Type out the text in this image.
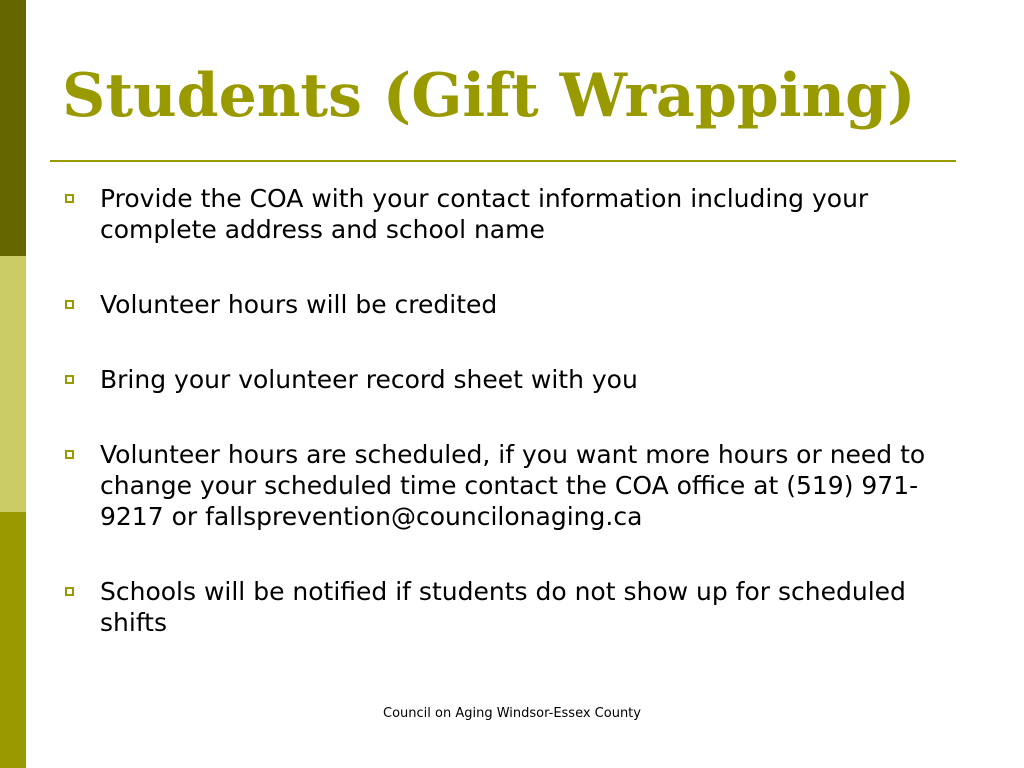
Students (Gift Wrapping)
Provide the COA with your contact information including your complete address and school name
Volunteer hours will be credited
Bring your volunteer record sheet with you
Volunteer hours are scheduled, if you want more hours or need to change your scheduled time contact the COA office at (519) 971-9217 or fallsprevention@councilonaging.ca
Schools will be notified if students do not show up for scheduled shifts
Council on Aging Windsor-Essex County
